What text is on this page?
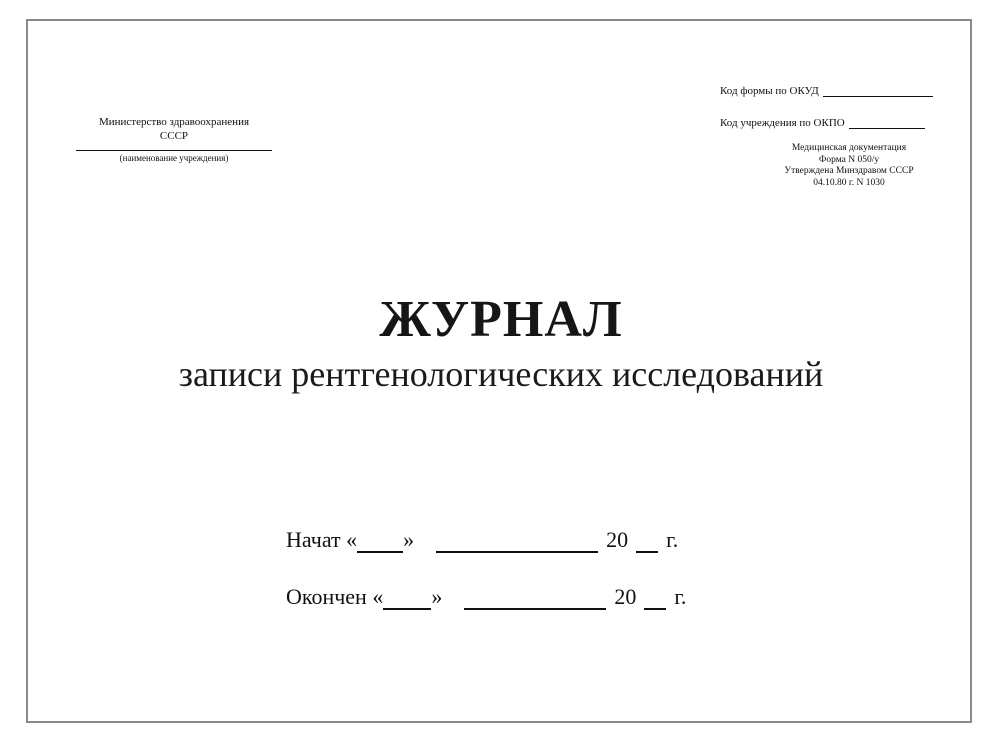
Министерство здравоохранения
СССР
(наименование учреждения)
Код формы по ОКУД
Код учреждения по ОКПО
Медицинская документация
Форма N 050/у
Утверждена Минздравом СССР
04.10.80 г. N 1030
ЖУРНАЛ
записи рентгенологических исследований
Начат « »	20 г.
Окончен « »	20 г.
